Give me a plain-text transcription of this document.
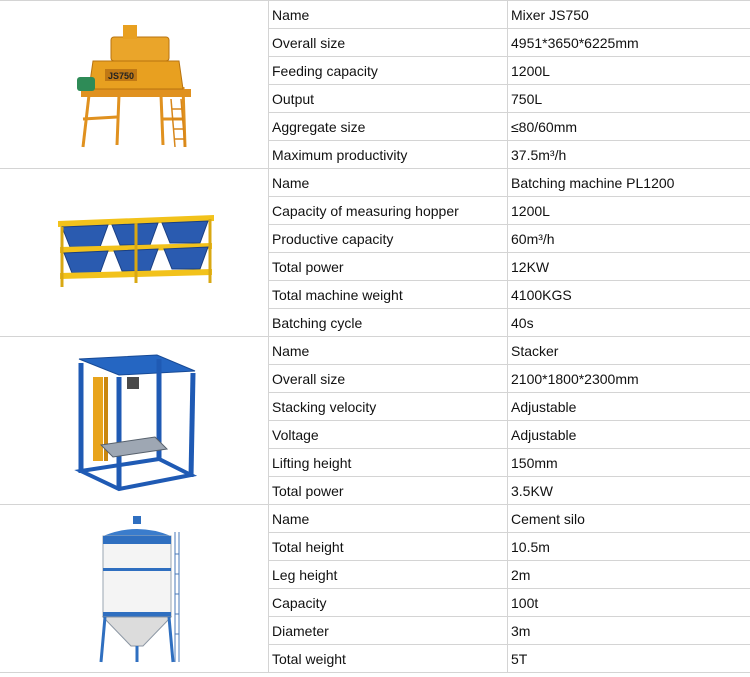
JS750	Name	Mixer JS750
	Overall size	4951*3650*6225mm
	Feeding capacity	1200L
	Output	750L
	Aggregate size	≤80/60mm
	Maximum productivity	37.5m³/h

	Name	Batching machine PL1200
	Capacity of measuring hopper	1200L
	Productive capacity	60m³/h
	Total power	12KW
	Total machine weight	4100KGS
	Batching cycle	40s

	Name	Stacker
	Overall size	2100*1800*2300mm
	Stacking velocity	Adjustable
	Voltage	Adjustable
	Lifting height	150mm
	Total power	3.5KW

	Name	Cement silo
	Total height	10.5m
	Leg height	2m
	Capacity	100t
	Diameter	3m
	Total weight	5T
